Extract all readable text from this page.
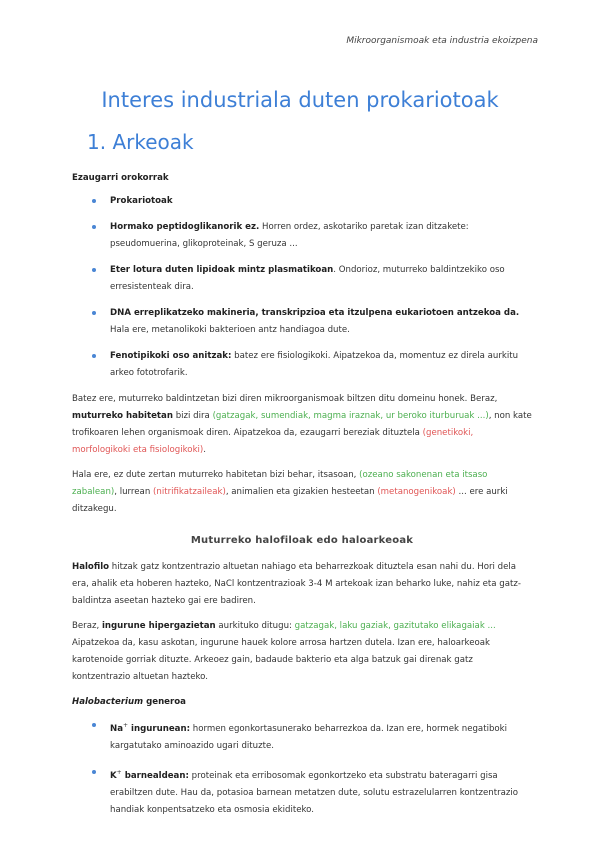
Mikroorganismoak eta industria ekoizpena
Interes industriala duten prokariotoak
1. Arkeoak
Ezaugarri orokorrak
Prokariotoak
Hormako peptidoglikanorik ez. Horren ordez, askotariko paretak izan ditzakete: pseudomuerina, glikoproteinak, S geruza ...
Eter lotura duten lipidoak mintz plasmatikoan. Ondorioz, muturreko baldintzekiko oso erresistenteak dira.
DNA erreplikatzeko makineria, transkripzioa eta itzulpena eukariotoen antzekoa da. Hala ere, metanolikoki bakterioen antz handiagoa dute.
Fenotipikoki oso anitzak: batez ere fisiologikoki. Aipatzekoa da, momentuz ez direla aurkitu arkeo fototrofarik.

Batez ere, muturreko baldintzetan bizi diren mikroorganismoak biltzen ditu domeinu honek. Beraz, muturreko habitetan bizi dira (gatzagak, sumendiak, magma iraznak, ur beroko iturburuak ...), non kate trofikoaren lehen organismoak diren. Aipatzekoa da, ezaugarri bereziak dituztela (genetikoki, morfologikoki eta fisiologikoki).

Hala ere, ez dute zertan muturreko habitetan bizi behar, itsasoan, (ozeano sakonenan eta itsaso zabalean), lurrean (nitrifikatzaileak), animalien eta gizakien hesteetan (metanogenikoak) ... ere aurki ditzakegu.

Muturreko halofiloak edo haloarkeoak

Halofilo hitzak gatz kontzentrazio altuetan nahiago eta beharrezkoak dituztela esan nahi du. Hori dela era, ahalik eta hoberen hazteko, NaCl kontzentrazioak 3-4 M artekoak izan beharko luke, nahiz eta gatz-baldintza aseetan hazteko gai ere badiren.

Beraz, ingurune hipergazietan aurkituko ditugu: gatzagak, laku gaziak, gazitutako elikagaiak ... Aipatzekoa da, kasu askotan, ingurune hauek kolore arrosa hartzen dutela. Izan ere, haloarkeoak karotenoide gorriak dituzte. Arkeoez gain, badaude bakterio eta alga batzuk gai direnak gatz kontzentrazio altuetan hazteko.

Halobacterium generoa
Na+ ingurunean: hormen egonkortasunerako beharrezkoa da. Izan ere, hormek negatiboki kargatutako aminoazido ugari dituzte.
K+ barnealdean: proteinak eta erribosomak egonkortzeko eta substratu bateragarri gisa erabiltzen dute. Hau da, potasioa barnean metatzen dute, solutu estrazelularren kontzentrazio handiak konpentsatzeko eta osmosia ekiditeko.
